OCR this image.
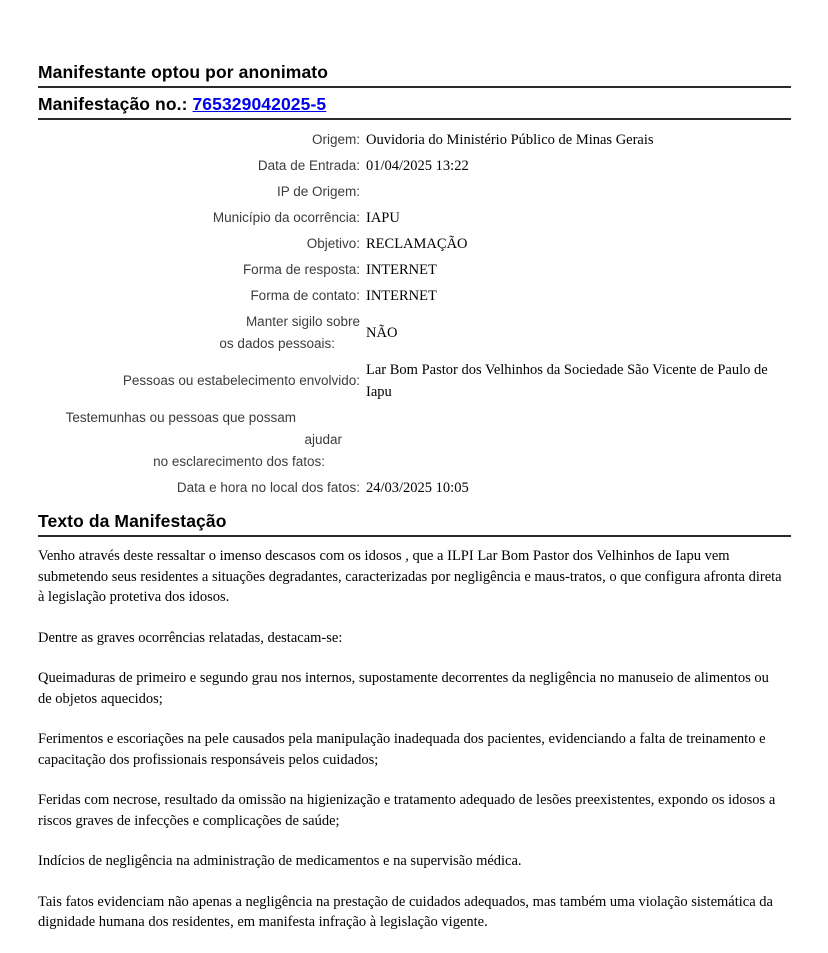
Manifestante optou por anonimato
Manifestação no.: 765329042025-5
Origem: Ouvidoria do Ministério Público de Minas Gerais
Data de Entrada: 01/04/2025 13:22
IP de Origem:
Município da ocorrência: IAPU
Objetivo: RECLAMAÇÃO
Forma de resposta: INTERNET
Forma de contato: INTERNET
Manter sigilo sobre
os dados pessoais:
NÃO
Pessoas ou estabelecimento envolvido:
Lar Bom Pastor dos Velhinhos da Sociedade São Vicente de Paulo de Iapu
Testemunhas ou pessoas que possam
ajudar
no esclarecimento dos fatos:
Data e hora no local dos fatos: 24/03/2025 10:05
Texto da Manifestação

Venho através deste ressaltar o imenso descasos com os idosos , que a ILPI Lar Bom Pastor dos Velhinhos de Iapu vem submetendo seus residentes a situações degradantes, caracterizadas por negligência e maus-tratos, o que configura afronta direta à legislação protetiva dos idosos.

Dentre as graves ocorrências relatadas, destacam-se:

Queimaduras de primeiro e segundo grau nos internos, supostamente decorrentes da negligência no manuseio de alimentos ou de objetos aquecidos;

Ferimentos e escoriações na pele causados pela manipulação inadequada dos pacientes, evidenciando a falta de treinamento e capacitação dos profissionais responsáveis pelos cuidados;

Feridas com necrose, resultado da omissão na higienização e tratamento adequado de lesões preexistentes, expondo os idosos a riscos graves de infecções e complicações de saúde;

Indícios de negligência na administração de medicamentos e na supervisão médica.

Tais fatos evidenciam não apenas a negligência na prestação de cuidados adequados, mas também uma violação sistemática da dignidade humana dos residentes, em manifesta infração à legislação vigente.
